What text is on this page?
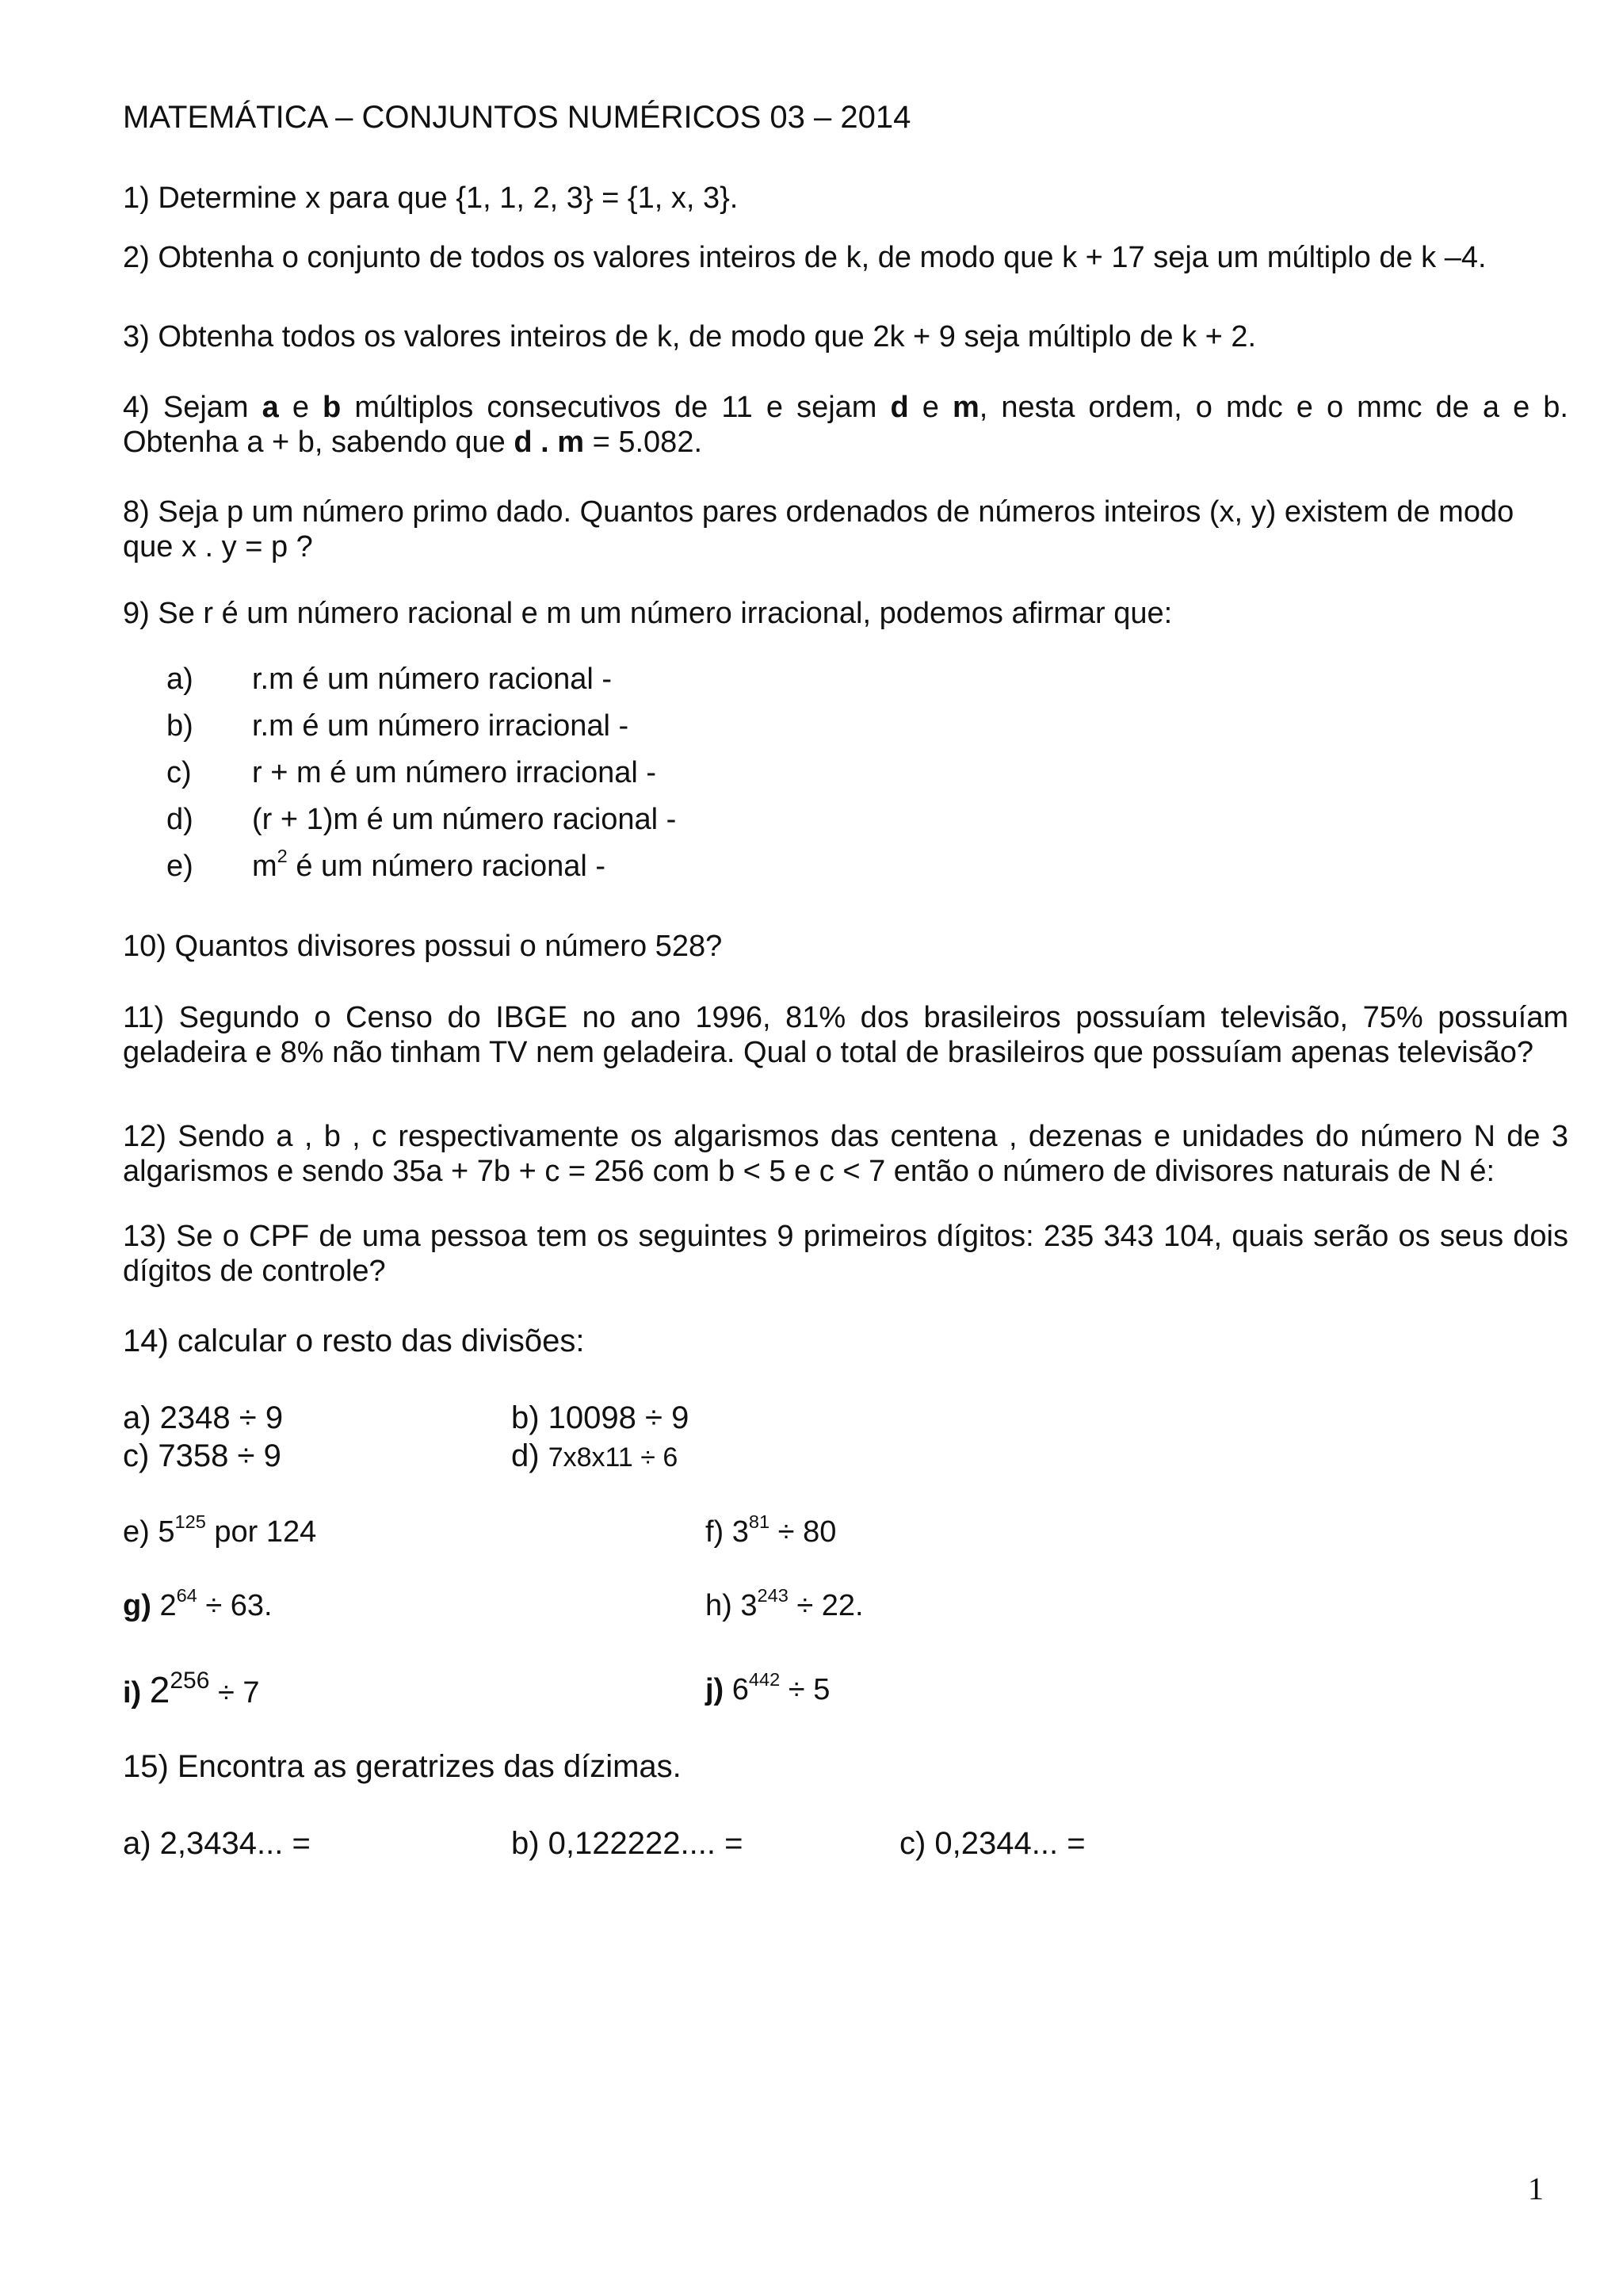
MATEMÁTICA – CONJUNTOS NUMÉRICOS 03 – 2014
1) Determine x para que {1, 1, 2, 3} = {1, x, 3}.
2) Obtenha o conjunto de todos os valores inteiros de k, de modo que k + 17 seja um múltiplo de k –4.
3) Obtenha todos os valores inteiros de k, de modo que 2k + 9 seja múltiplo de k + 2.
4) Sejam a e b múltiplos consecutivos de 11 e sejam d e m, nesta ordem, o mdc e o mmc de a e b.
Obtenha a + b, sabendo que d . m = 5.082.
8) Seja p um número primo dado. Quantos pares ordenados de números inteiros (x, y) existem de modo
que x . y = p ?
9) Se r é um número racional e m um número irracional, podemos afirmar que:
a) r.m é um número racional -
b) r.m é um número irracional -
c) r + m é um número irracional -
d) (r + 1)m é um número racional -
e) $m^2$ é um número racional -
10) Quantos divisores possui o número 528?
11) Segundo o Censo do IBGE no ano 1996, 81% dos brasileiros possuíam televisão, 75% possuíam
geladeira e 8% não tinham TV nem geladeira. Qual o total de brasileiros que possuíam apenas televisão?
12) Sendo a , b , c respectivamente os algarismos das centena , dezenas e unidades do número N de 3
algarismos e sendo 35a + 7b + c = 256 com b < 5 e c < 7 então o número de divisores naturais de N é:
13) Se o CPF de uma pessoa tem os seguintes 9 primeiros dígitos: 235 343 104, quais serão os seus dois
dígitos de controle?
14) calcular o resto das divisões:
a) 2348 ÷ 9	b) 10098 ÷ 9
c) 7358 ÷ 9	d) 7x8x11 ÷ 6
e) $5^{125}$ por 124	f) $3^{81} \div 80$
g) $2^{64} \div 63$.	h) $3^{243} \div 22$.
i) $2^{256} \div 7$	j) $6^{442} \div 5$
15) Encontra as geratrizes das dízimas.
a) 2,3434... =	b) 0,122222.... =	c) 0,2344... =
1
